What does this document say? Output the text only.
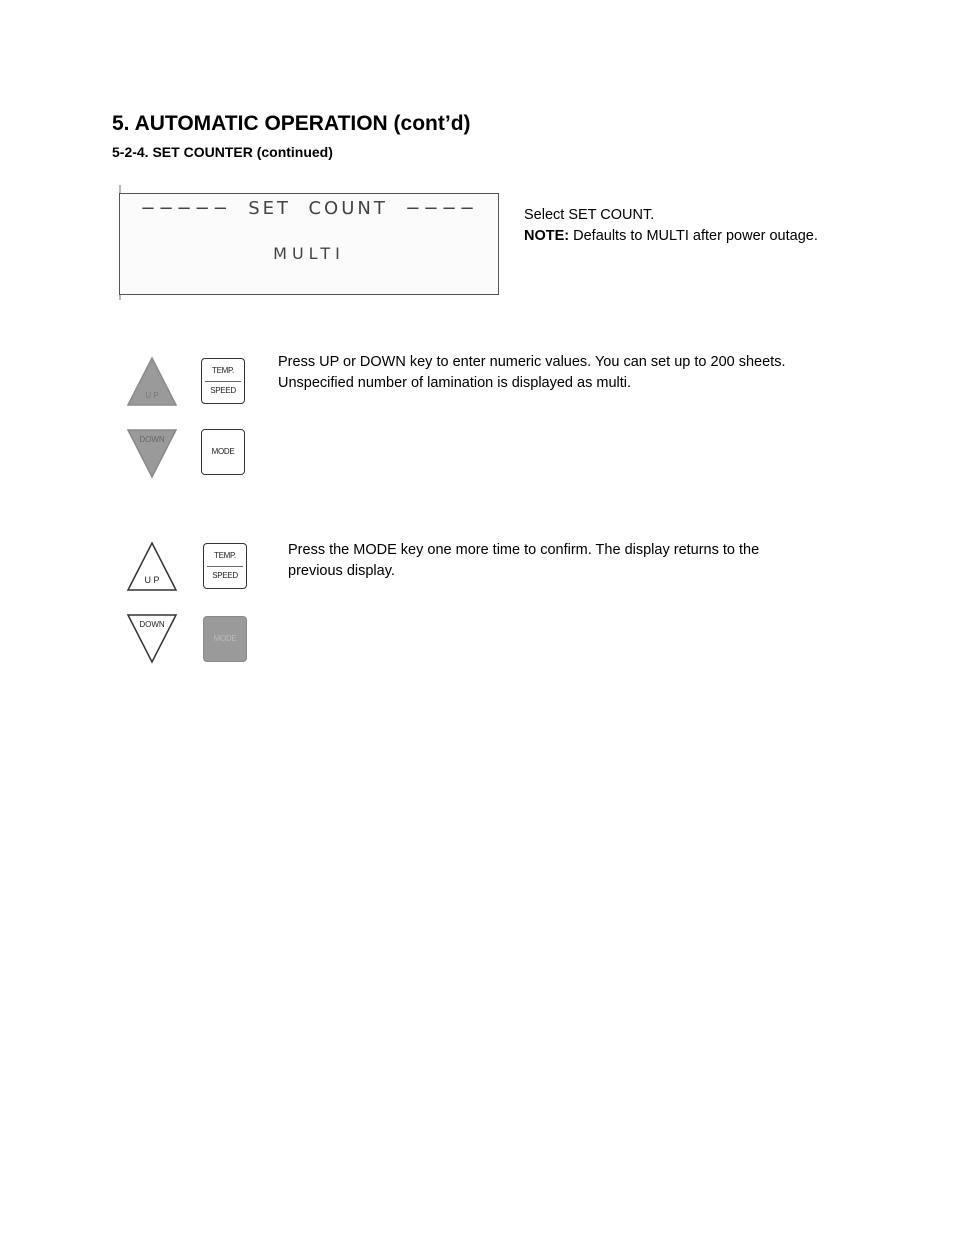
5. AUTOMATIC OPERATION (cont’d)
5-2-4. SET COUNTER (continued)
−−−−−  SET  COUNT  −−−−
MULTI
Select SET COUNT.
NOTE: Defaults to MULTI after power outage.
U P
TEMP.
SPEED
DOWN
MODE
Press UP or DOWN key to enter numeric values. You can set up to 200 sheets.
Unspecified number of lamination is displayed as multi.
U P
TEMP.
SPEED
DOWN
MODE
Press the MODE key one more time to confirm. The display returns to the
previous display.
